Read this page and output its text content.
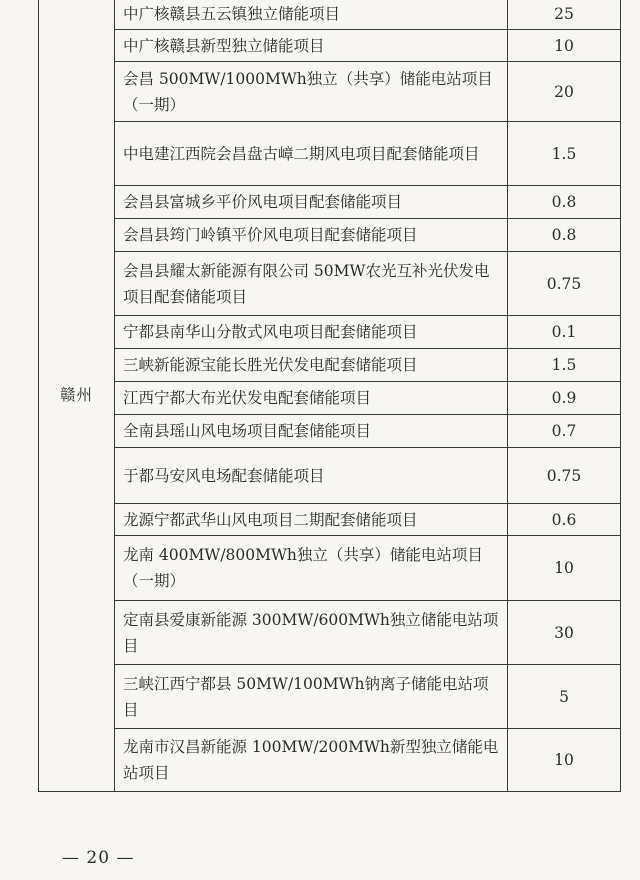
赣州	中广核赣县五云镇独立储能项目	25
	中广核赣县新型独立储能项目	10
	会昌 500MW/1000MWh独立（共享）储能电站项目（一期）	20
	中电建江西院会昌盘古嶂二期风电项目配套储能项目	1.5
	会昌县富城乡平价风电项目配套储能项目	0.8
	会昌县筠门岭镇平价风电项目配套储能项目	0.8
	会昌县耀太新能源有限公司 50MW农光互补光伏发电项目配套储能项目	0.75
	宁都县南华山分散式风电项目配套储能项目	0.1
	三峡新能源宝能长胜光伏发电配套储能项目	1.5
	江西宁都大布光伏发电配套储能项目	0.9
	全南县瑶山风电场项目配套储能项目	0.7
	于都马安风电场配套储能项目	0.75
	龙源宁都武华山风电项目二期配套储能项目	0.6
	龙南 400MW/800MWh独立（共享）储能电站项目（一期）	10
	定南县爱康新能源 300MW/600MWh独立储能电站项目	30
	三峡江西宁都县 50MW/100MWh钠离子储能电站项目	5
	龙南市汉昌新能源 100MW/200MWh新型独立储能电站项目	10
— 20 —
